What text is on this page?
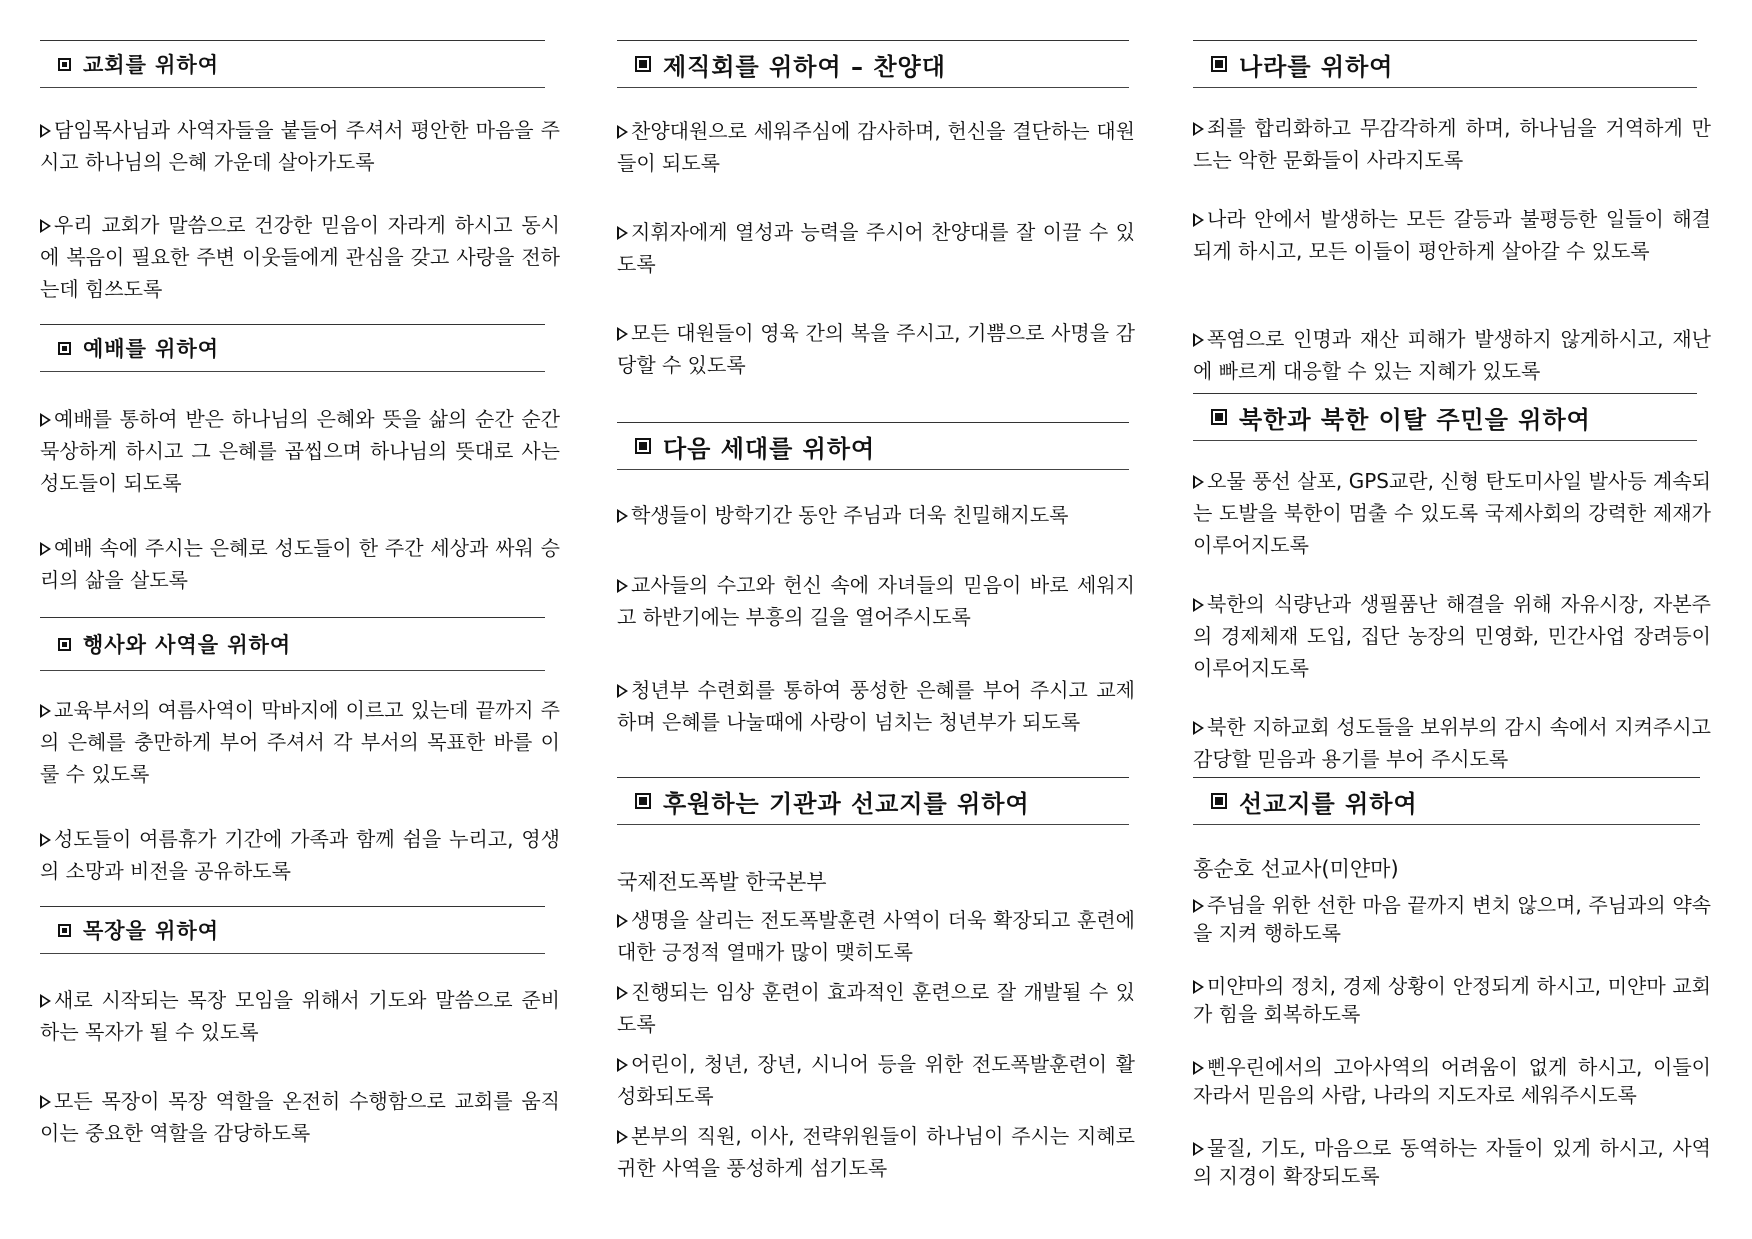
교회를 위하여
담임목사님과 사역자들을 붙들어 주셔서 평안한 마음을 주시고 하나님의 은혜 가운데 살아가도록
우리 교회가 말씀으로 건강한 믿음이 자라게 하시고 동시에 복음이 필요한 주변 이웃들에게 관심을 갖고 사랑을 전하는데 힘쓰도록
예배를 위하여
예배를 통하여 받은 하나님의 은혜와 뜻을 삶의 순간 순간 묵상하게 하시고 그 은혜를 곱씹으며 하나님의 뜻대로 사는 성도들이 되도록
예배 속에 주시는 은혜로 성도들이 한 주간 세상과 싸워 승리의 삶을 살도록
행사와 사역을 위하여
교육부서의 여름사역이 막바지에 이르고 있는데 끝까지 주의 은혜를 충만하게 부어 주셔서 각 부서의 목표한 바를 이룰 수 있도록
성도들이 여름휴가 기간에 가족과 함께 쉼을 누리고, 영생의 소망과 비전을 공유하도록
목장을 위하여
새로 시작되는 목장 모임을 위해서 기도와 말씀으로 준비하는 목자가 될 수 있도록
모든 목장이 목장 역할을 온전히 수행함으로 교회를 움직이는 중요한 역할을 감당하도록
제직회를 위하여 – 찬양대
찬양대원으로 세워주심에 감사하며, 헌신을 결단하는 대원들이 되도록
지휘자에게 열성과 능력을 주시어 찬양대를 잘 이끌 수 있도록
모든 대원들이 영육 간의 복을 주시고, 기쁨으로 사명을 감당할 수 있도록
다음 세대를 위하여
학생들이 방학기간 동안 주님과 더욱 친밀해지도록
교사들의 수고와 헌신 속에 자녀들의 믿음이 바로 세워지고 하반기에는 부흥의 길을 열어주시도록
청년부 수련회를 통하여 풍성한 은혜를 부어 주시고 교제하며 은혜를 나눌때에 사랑이 넘치는 청년부가 되도록
후원하는 기관과 선교지를 위하여
국제전도폭발 한국본부
생명을 살리는 전도폭발훈련 사역이 더욱 확장되고 훈련에 대한 긍정적 열매가 많이 맺히도록
진행되는 임상 훈련이 효과적인 훈련으로 잘 개발될 수 있도록
어린이, 청년, 장년, 시니어 등을 위한 전도폭발훈련이 활성화되도록
본부의 직원, 이사, 전략위원들이 하나님이 주시는 지혜로 귀한 사역을 풍성하게 섬기도록
나라를 위하여
죄를 합리화하고 무감각하게 하며, 하나님을 거역하게 만드는 악한 문화들이 사라지도록
나라 안에서 발생하는 모든 갈등과 불평등한 일들이 해결되게 하시고, 모든 이들이 평안하게 살아갈 수 있도록
폭염으로 인명과 재산 피해가 발생하지 않게하시고, 재난에 빠르게 대응할 수 있는 지혜가 있도록
북한과 북한 이탈 주민을 위하여
오물 풍선 살포, GPS교란, 신형 탄도미사일 발사등 계속되는 도발을 북한이 멈출 수 있도록 국제사회의 강력한 제재가 이루어지도록
북한의 식량난과 생필품난 해결을 위해 자유시장, 자본주의 경제체재 도입, 집단 농장의 민영화, 민간사업 장려등이 이루어지도록
북한 지하교회 성도들을 보위부의 감시 속에서 지켜주시고 감당할 믿음과 용기를 부어 주시도록
선교지를 위하여
홍순호 선교사(미얀마)
주님을 위한 선한 마음 끝까지 변치 않으며, 주님과의 약속을 지켜 행하도록
미얀마의 정치, 경제 상황이 안정되게 하시고, 미얀마 교회가 힘을 회복하도록
삔우린에서의 고아사역의 어려움이 없게 하시고, 이들이 자라서 믿음의 사람, 나라의 지도자로 세워주시도록
물질, 기도, 마음으로 동역하는 자들이 있게 하시고, 사역의 지경이 확장되도록
